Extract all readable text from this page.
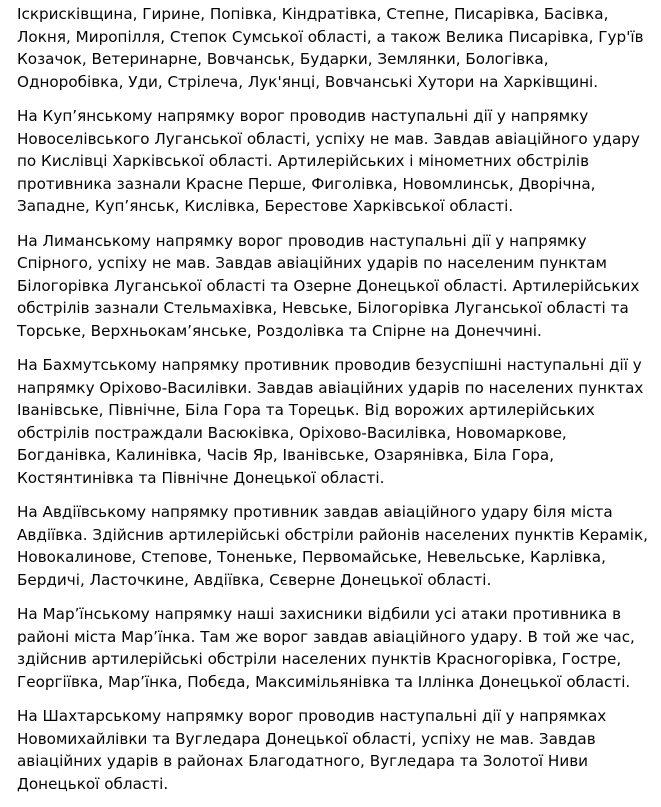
Іскрисківщина, Гирине, Попівка, Кіндратівка, Степне, Писарівка, Басівка, Локня, Миропілля, Степок Сумської області, а також Велика Писарівка, Гур'їв Козачок, Ветеринарне, Вовчанськ, Бударки, Землянки, Бологівка, Одноробівка, Уди, Стрілеча, Лук'янці, Вовчанські Хутори на Харківщині.

На Куп’янському напрямку ворог проводив наступальні дії у напрямку Новоселівського Луганської області, успіху не мав. Завдав авіаційного удару по Кислівці Харківської області. Артилерійських і мінометних обстрілів противника зазнали Красне Перше, Фиголівка, Новомлинськ, Дворічна, Западне, Куп’янськ, Кислівка, Берестове Харківської області.

На Лиманському напрямку ворог проводив наступальні дії у напрямку Спірного, успіху не мав. Завдав авіаційних ударів по населеним пунктам Білогорівка Луганської області та Озерне Донецької області. Артилерійських обстрілів зазнали Стельмахівка, Невське, Білогорівка Луганської області та Торське, Верхньокам’янське, Роздолівка та Спірне на Донеччині.

На Бахмутському напрямку противник проводив безуспішні наступальні дії у напрямку Оріхово-Василівки. Завдав авіаційних ударів по населених пунктах Іванівське, Північне, Біла Гора та Торецьк. Від ворожих артилерійських обстрілів постраждали Васюківка, Оріхово-Василівка, Новомаркове, Богданівка, Калинівка, Часів Яр, Іванівське, Озарянівка, Біла Гора, Костянтинівка та Північне Донецької області.

На Авдіївському напрямку противник завдав авіаційного удару біля міста Авдіївка. Здійснив артилерійські обстріли районів населених пунктів Керамік, Новокалинове, Степове, Тоненьке, Первомайське, Невельське, Карлівка, Бердичі, Ласточкине, Авдіївка, Сєверне Донецької області.

На Мар’їнському напрямку наші захисники відбили усі атаки противника в районі міста Мар’їнка. Там же ворог завдав авіаційного удару. В той же час, здійснив артилерійські обстріли населених пунктів Красногорівка, Гостре, Георгіївка, Мар’їнка, Побєда, Максимільянівка та Іллінка Донецької області.

На Шахтарському напрямку ворог проводив наступальні дії у напрямках Новомихайлівки та Вугледара Донецької області, успіху не мав. Завдав авіаційних ударів в районах Благодатного, Вугледара та Золотої Ниви Донецької області.
